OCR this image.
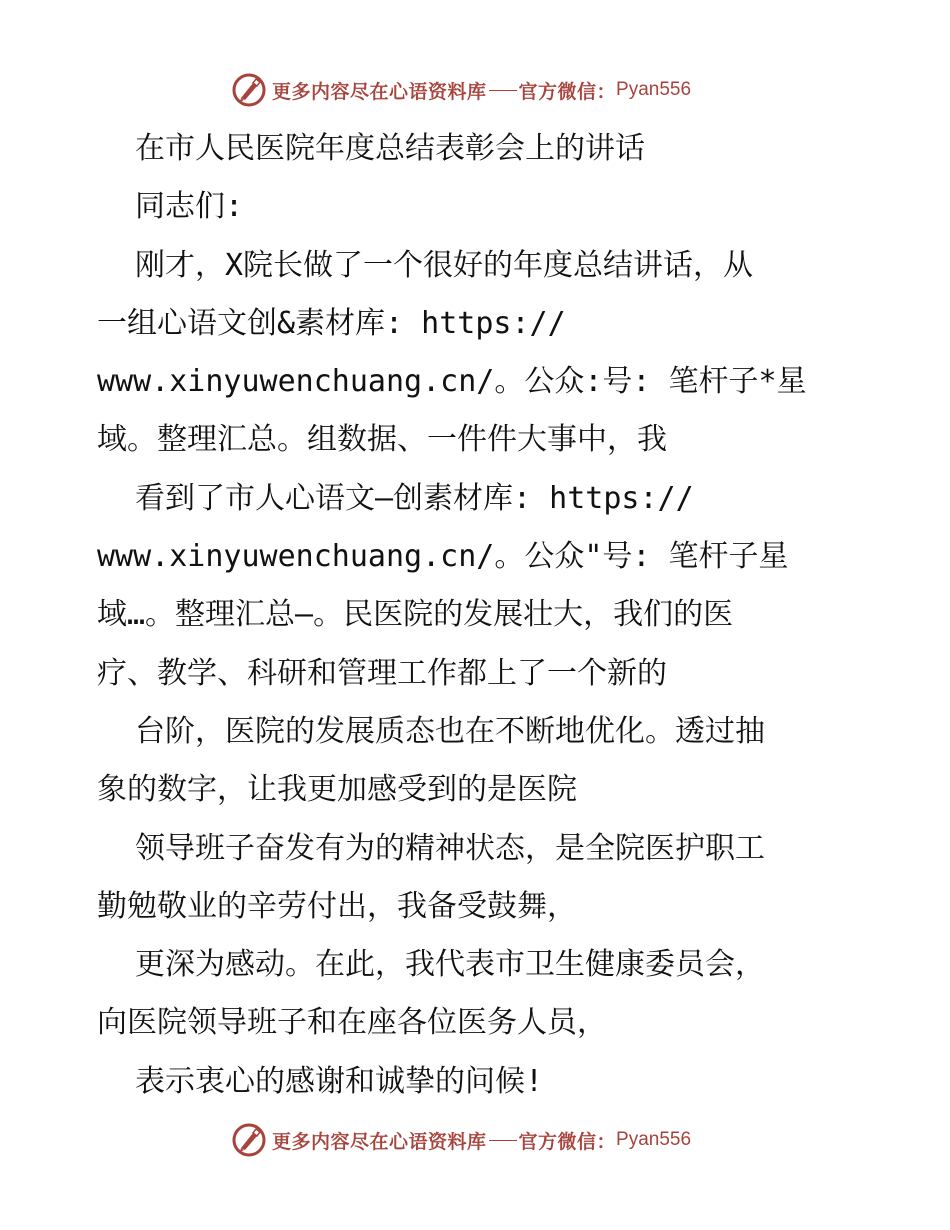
更多内容尽在心语资料库 官方微信： Pyan556
在市人民医院年度总结表彰会上的讲话
同志们:
刚才，X院长做了一个很好的年度总结讲话，从
一组心语文创&素材库: https://
www.xinyuwenchuang.cn/。公众:号: 笔杆子*星
域。整理汇总。组数据、一件件大事中，我
看到了市人心语文—创素材库: https://
www.xinyuwenchuang.cn/。公众"号: 笔杆子星
域…。整理汇总—。民医院的发展壮大，我们的医
疗、教学、科研和管理工作都上了一个新的
台阶，医院的发展质态也在不断地优化。透过抽
象的数字，让我更加感受到的是医院
领导班子奋发有为的精神状态，是全院医护职工
勤勉敬业的辛劳付出，我备受鼓舞，
更深为感动。在此，我代表市卫生健康委员会，
向医院领导班子和在座各位医务人员，
表示衷心的感谢和诚挚的问候!
更多内容尽在心语资料库 官方微信： Pyan556
